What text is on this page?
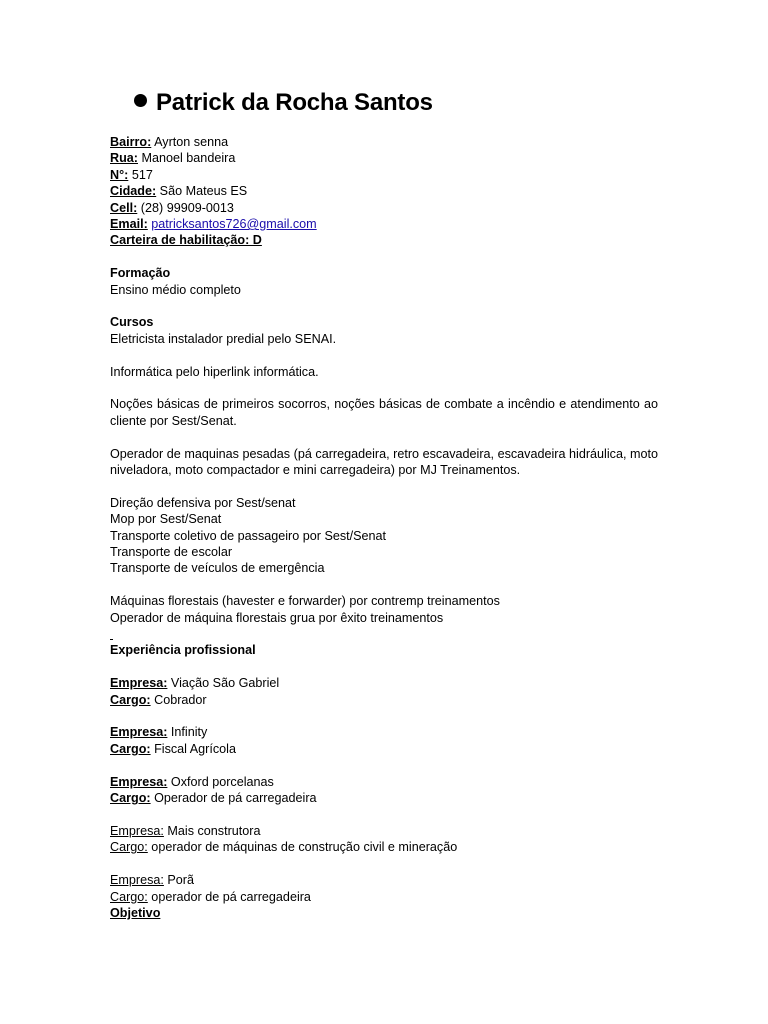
Patrick da Rocha Santos
Bairro: Ayrton senna
Rua: Manoel bandeira
N°: 517
Cidade: São Mateus ES
Cell: (28) 99909-0013
Email: patricksantos726@gmail.com
Carteira de habilitação: D
Formação
Ensino médio completo
Cursos
Eletricista instalador predial pelo SENAI.
Informática pelo hiperlink informática.
Noções básicas de primeiros socorros, noções básicas de combate a incêndio e atendimento ao cliente por Sest/Senat.
Operador de maquinas pesadas (pá carregadeira, retro escavadeira, escavadeira hidráulica, moto niveladora, moto compactador e mini carregadeira) por MJ Treinamentos.
Direção defensiva por Sest/senat
Mop por Sest/Senat
Transporte coletivo de passageiro por Sest/Senat
Transporte de escolar
Transporte de veículos de emergência
Máquinas florestais (havester e forwarder) por contremp treinamentos
Operador de máquina florestais grua por êxito treinamentos
Experiência profissional
Empresa: Viação São Gabriel
Cargo: Cobrador
Empresa: Infinity
Cargo: Fiscal Agrícola
Empresa: Oxford porcelanas
Cargo: Operador de pá carregadeira
Empresa: Mais construtora
Cargo: operador de máquinas de construção civil e mineração
Empresa: Porã
Cargo: operador de pá carregadeira
Objetivo
